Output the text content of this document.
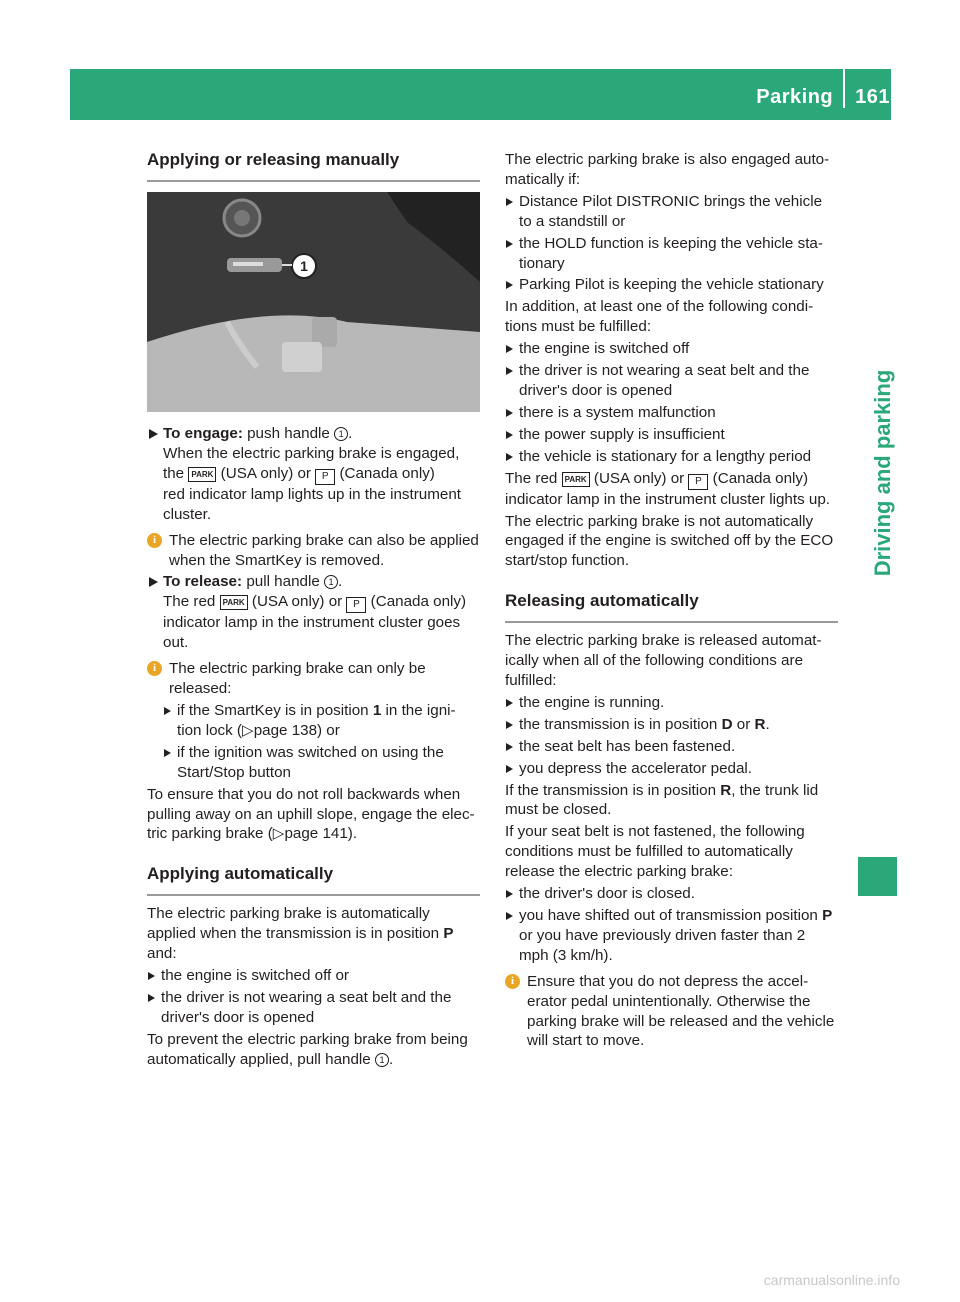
Parking 161
Driving and parking
Applying or releasing manually
1
P42.20-2683-31
To engage: push handle 1 .
When the electric parking brake is engaged,
the PARK (USA only) or P (Canada only)
red indicator lamp lights up in the instrument cluster.
i The electric parking brake can also be applied when the SmartKey is removed.
To release: pull handle 1 .
The red PARK (USA only) or P (Canada only) indicator lamp in the instrument cluster goes out.
i The electric parking brake can only be released:
if the SmartKey is in position 1 in the igni-tion lock (▷page 138) or
if the ignition was switched on using the Start/Stop button

To ensure that you do not roll backwards when pulling away on an uphill slope, engage the elec-tric parking brake (▷page 141).

Applying automatically

The electric parking brake is automatically applied when the transmission is in position P and:

the engine is switched off or
the driver is not wearing a seat belt and the driver's door is opened

To prevent the electric parking brake from being automatically applied, pull handle 1 .

The electric parking brake is also engaged auto-matically if:

Distance Pilot DISTRONIC brings the vehicle to a standstill or
the HOLD function is keeping the vehicle sta-tionary
Parking Pilot is keeping the vehicle stationary

In addition, at least one of the following condi-tions must be fulfilled:

the engine is switched off
the driver is not wearing a seat belt and the driver's door is opened
there is a system malfunction
the power supply is insufficient
the vehicle is stationary for a lengthy period

The red PARK (USA only) or P (Canada only) indicator lamp in the instrument cluster lights up.

The electric parking brake is not automatically engaged if the engine is switched off by the ECO start/stop function.

Releasing automatically

The electric parking brake is released automat-ically when all of the following conditions are fulfilled:

the engine is running.
the transmission is in position D or R.
the seat belt has been fastened.
you depress the accelerator pedal.

If the transmission is in position R, the trunk lid must be closed.

If your seat belt is not fastened, the following conditions must be fulfilled to automatically release the electric parking brake:

the driver's door is closed.
you have shifted out of transmission position P or you have previously driven faster than 2 mph (3 km/h).
i Ensure that you do not depress the accel-erator pedal unintentionally. Otherwise the parking brake will be released and the vehicle will start to move.
carmanualsonline.info
